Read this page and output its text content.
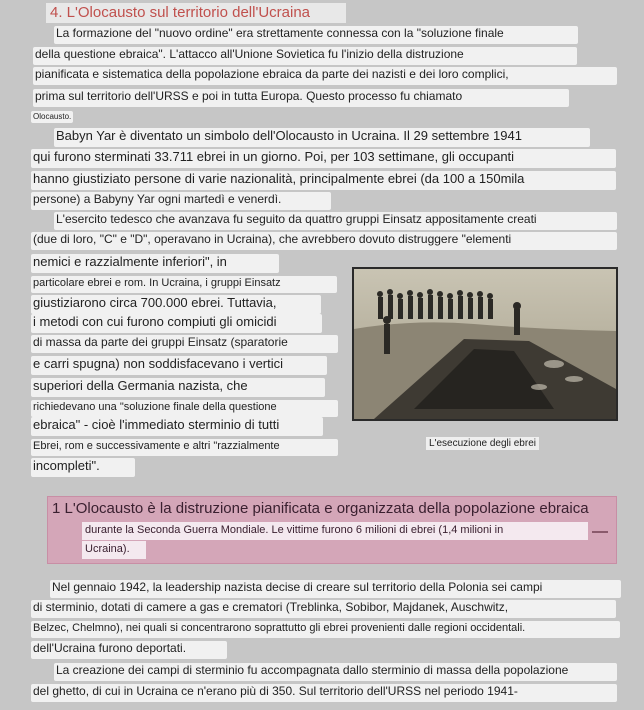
4. L'Olocausto sul territorio dell'Ucraina
La formazione del "nuovo ordine" era strettamente connessa con la "soluzione finale
della questione ebraica". L'attacco all'Unione Sovietica fu l'inizio della distruzione
pianificata e sistematica della popolazione ebraica da parte dei nazisti e dei loro complici,
prima sul territorio dell'URSS e poi in tutta Europa. Questo processo fu chiamato
Olocausto.
Babyn Yar è diventato un simbolo dell'Olocausto in Ucraina. Il 29 settembre 1941
qui furono sterminati 33.711 ebrei in un giorno. Poi, per 103 settimane, gli occupanti
hanno giustiziato persone di varie nazionalità, principalmente ebrei (da 100 a 150mila
persone) a Babyny Yar ogni martedì e venerdì.
L'esercito tedesco che avanzava fu seguito da quattro gruppi Einsatz appositamente creati
(due di loro, "C" e "D", operavano in Ucraina), che avrebbero dovuto distruggere "elementi
nemici e razzialmente inferiori", in
particolare ebrei e rom. In Ucraina, i gruppi Einsatz
giustiziarono circa 700.000 ebrei. Tuttavia,
i metodi con cui furono compiuti gli omicidi
di massa da parte dei gruppi Einsatz (sparatorie
e carri spugna) non soddisfacevano i vertici
superiori della Germania nazista, che
richiedevano una "soluzione finale della questione
ebraica" - cioè l'immediato sterminio di tutti
Ebrei, rom e successivamente e altri "razzialmente
incompleti".
L'esecuzione degli ebrei
1 L'Olocausto è la distruzione pianificata e organizzata della popolazione ebraica
durante la Seconda Guerra Mondiale. Le vittime furono 6 milioni di ebrei (1,4 milioni in
Ucraina).
Nel gennaio 1942, la leadership nazista decise di creare sul territorio della Polonia sei campi
di sterminio, dotati di camere a gas e crematori (Treblinka, Sobibor, Majdanek, Auschwitz,
Belzec, Chelmno), nei quali si concentrarono soprattutto gli ebrei provenienti dalle regioni occidentali.
dell'Ucraina furono deportati.
La creazione dei campi di sterminio fu accompagnata dallo sterminio di massa della popolazione
del ghetto, di cui in Ucraina ce n'erano più di 350. Sul territorio dell'URSS nel periodo 1941-
